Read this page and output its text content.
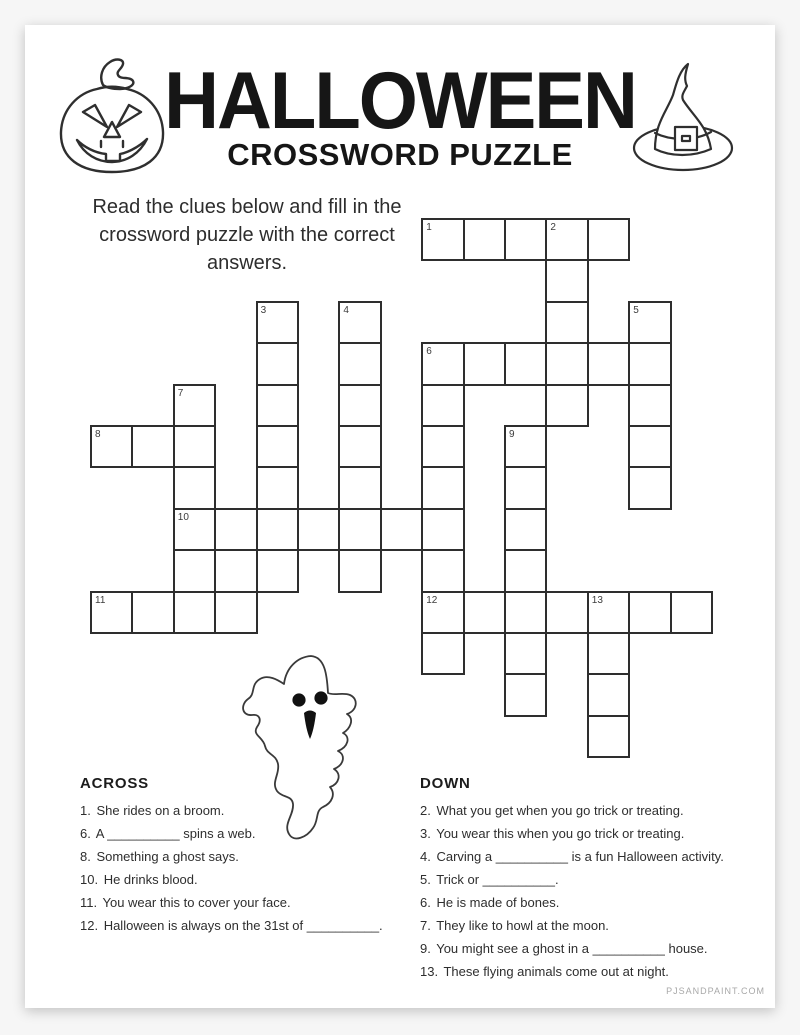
HALLOWEEN
CROSSWORD PUZZLE

Read the clues below and fill in the crossword puzzle with the correct answers.

1	2
3	4	5
6
7
8	9
10
11	12	13
ACROSS
1. She rides on a broom.
6. A __________ spins a web.
8. Something a ghost says.
10. He drinks blood.
11. You wear this to cover your face.
12. Halloween is always on the 31st of __________.
DOWN
2. What you get when you go trick or treating.
3. You wear this when you go trick or treating.
4. Carving a __________ is a fun Halloween activity.
5. Trick or __________.
6. He is made of bones.
7. They like to howl at the moon.
9. You might see a ghost in a __________ house.
13. These flying animals come out at night.
PJSANDPAINT.COM
